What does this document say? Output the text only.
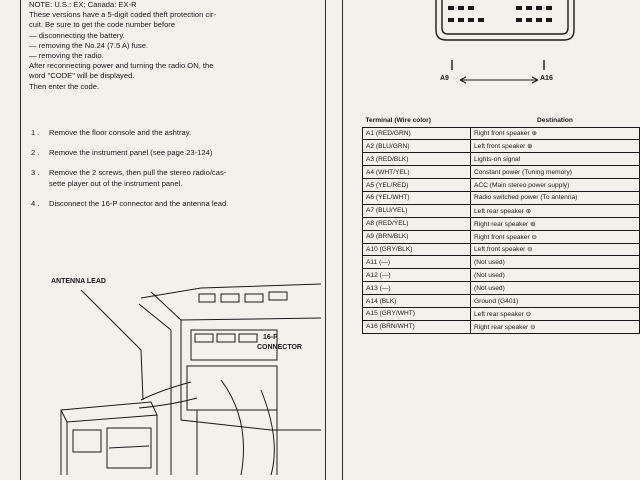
NOTE: U.S.: EX; Canada: EX-R
These versions have a 5-digit coded theft protection cir-
cuit. Be sure to get the code number before
— disconnecting the battery.
— removing the No.24 (7.5 A) fuse.
— removing the radio.
After reconnecting power and turning the radio ON, the
word "CODE" will be displayed.
Then enter the code.
1 .	Remove the floor console and the ashtray.
2 .	Remove the instrument panel (see page 23-124)
3 .	Remove the 2 screws, then pull the stereo radio/cas-
sette player out of the instrument panel.
4 .	Disconnect the 16-P connector and the antenna lead.
ANTENNA LEAD
16-P
CONNECTOR
A9	A16
Terminal (Wire color)	Destination
A1 (RED/GRN)	Right front speaker ⊕
A2 (BLU/GRN)	Left front speaker ⊕
A3 (RED/BLK)	Lights-on signal
A4 (WHT/YEL)	Constant power (Tuning memory)
A5 (YEL/RED)	ACC (Main stereo power supply)
A6 (YEL/WHT)	Radio switched power (To antenna)
A7 (BLU/YEL)	Left rear speaker ⊕
A8 (RED/YEL)	Right rear speaker ⊕
A9 (BRN/BLK)	Right front speaker ⊖
A10 (GRY/BLK)	Left front speaker ⊖
A11 (—)	(Not used)
A12 (—)	(Not used)
A13 (—)	(Not used)
A14 (BLK)	Ground (G401)
A15 (GRY/WHT)	Left rear speaker ⊖
A16 (BRN/WHT)	Right rear speaker ⊖
